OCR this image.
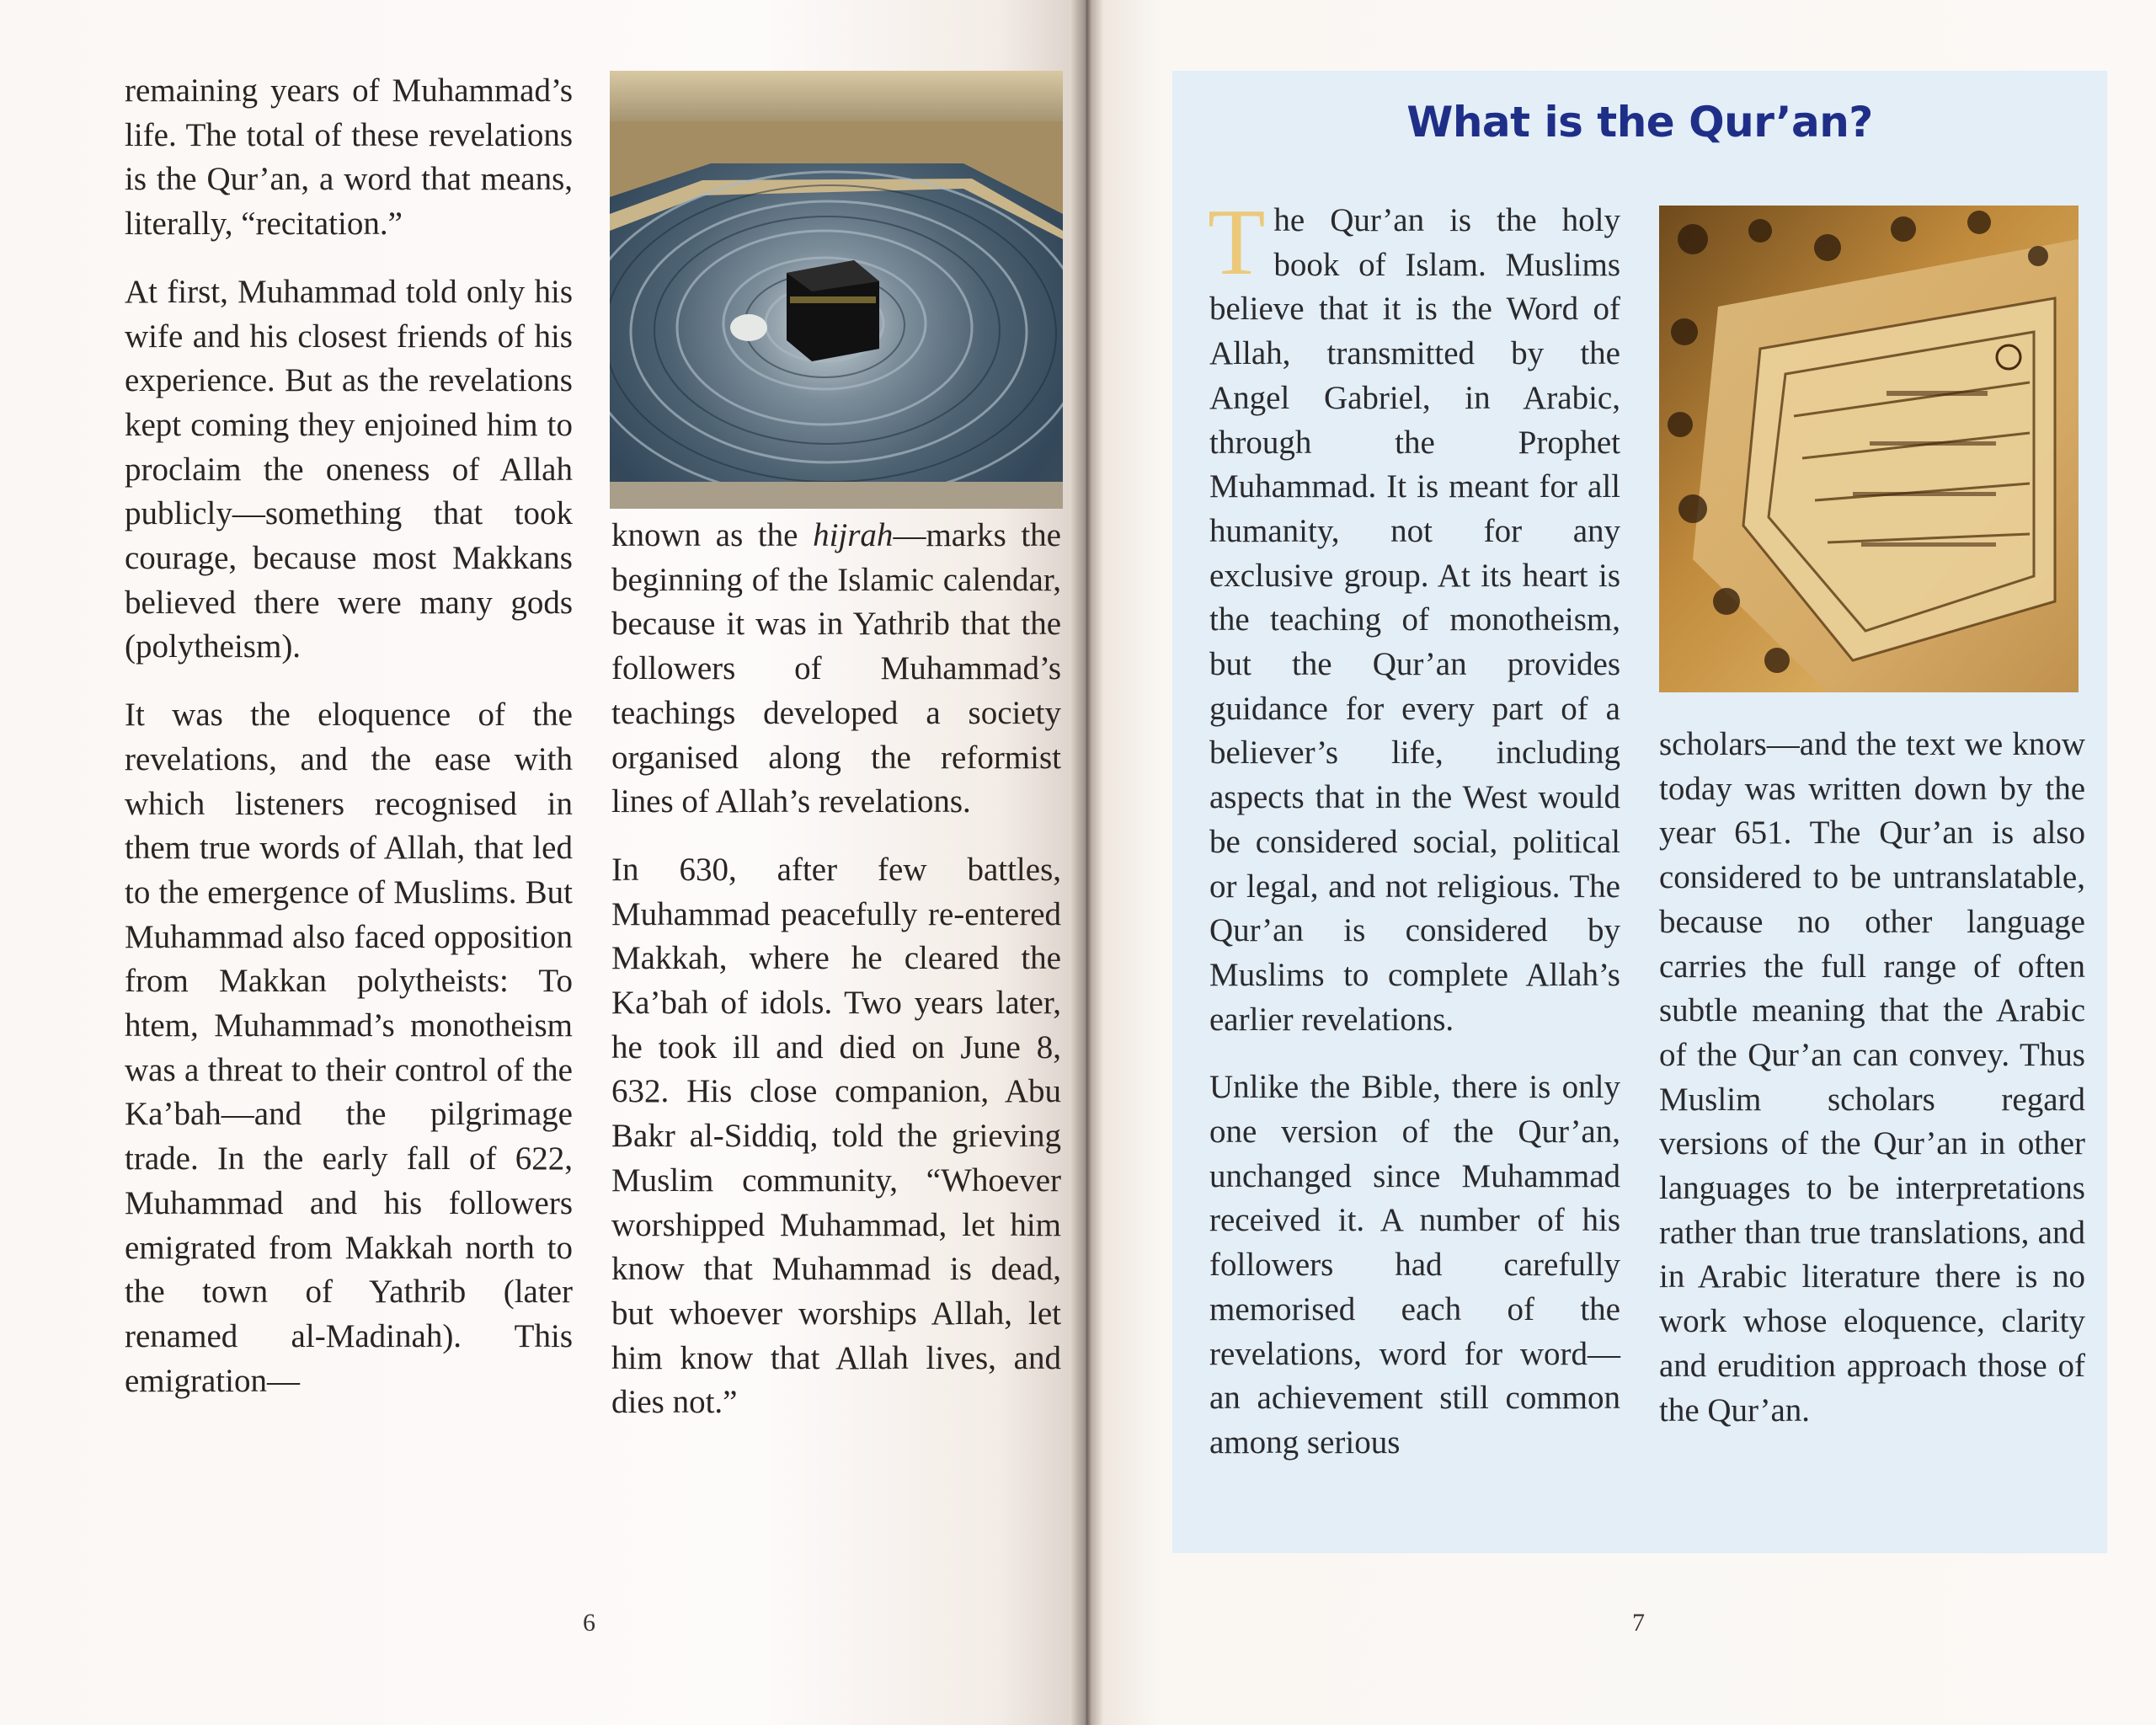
remaining years of Muhammad’s life. The total of these revelations is the Qur’an, a word that means, literally, “recitation.”

At first, Muhammad told only his wife and his closest friends of his experience. But as the revelations kept coming they enjoined him to proclaim the oneness of Allah publicly—something that took courage, because most Makkans believed there were many gods (polytheism).

It was the eloquence of the revelations, and the ease with which listeners recognised in them true words of Allah, that led to the emergence of Muslims. But Muhammad also faced opposition from Makkan polytheists: To htem, Muhammad’s monotheism was a threat to their control of the Ka’bah—and the pilgrimage trade. In the early fall of 622, Muhammad and his followers emigrated from Makkah north to the town of Yathrib (later renamed al-Madinah). This emigration—

known as the hijrah—marks the beginning of the Islamic calendar, because it was in Yathrib that the followers of Muhammad’s teachings developed a society organised along the reformist lines of Allah’s revelations.

In 630, after few battles, Muhammad peacefully re-entered Makkah, where he cleared the Ka’bah of idols. Two years later, he took ill and died on June 8, 632. His close companion, Abu Bakr al-Siddiq, told the grieving Muslim community, “Whoever worshipped Muhammad, let him know that Muhammad is dead, but whoever worships Allah, let him know that Allah lives, and dies not.”

6
What is the Qur’an?

The Qur’an is the holy book of Islam. Muslims believe that it is the Word of Allah, transmitted by the Angel Gabriel, in Arabic, through the Prophet Muhammad. It is meant for all humanity, not for any exclusive group. At its heart is the teaching of monotheism, but the Qur’an provides guidance for every part of a believer’s life, including aspects that in the West would be considered social, political or legal, and not religious. The Qur’an is considered by Muslims to complete Allah’s earlier revelations.

Unlike the Bible, there is only one version of the Qur’an, unchanged since Muhammad received it. A number of his followers had carefully memorised each of the revelations, word for word—an achievement still common among serious

scholars—and the text we know today was written down by the year 651. The Qur’an is also considered to be untranslatable, because no other language carries the full range of often subtle meaning that the Arabic of the Qur’an can convey. Thus Muslim scholars regard versions of the Qur’an in other languages to be interpretations rather than true translations, and in Arabic literature there is no work whose eloquence, clarity and erudition approach those of the Qur’an.

7
